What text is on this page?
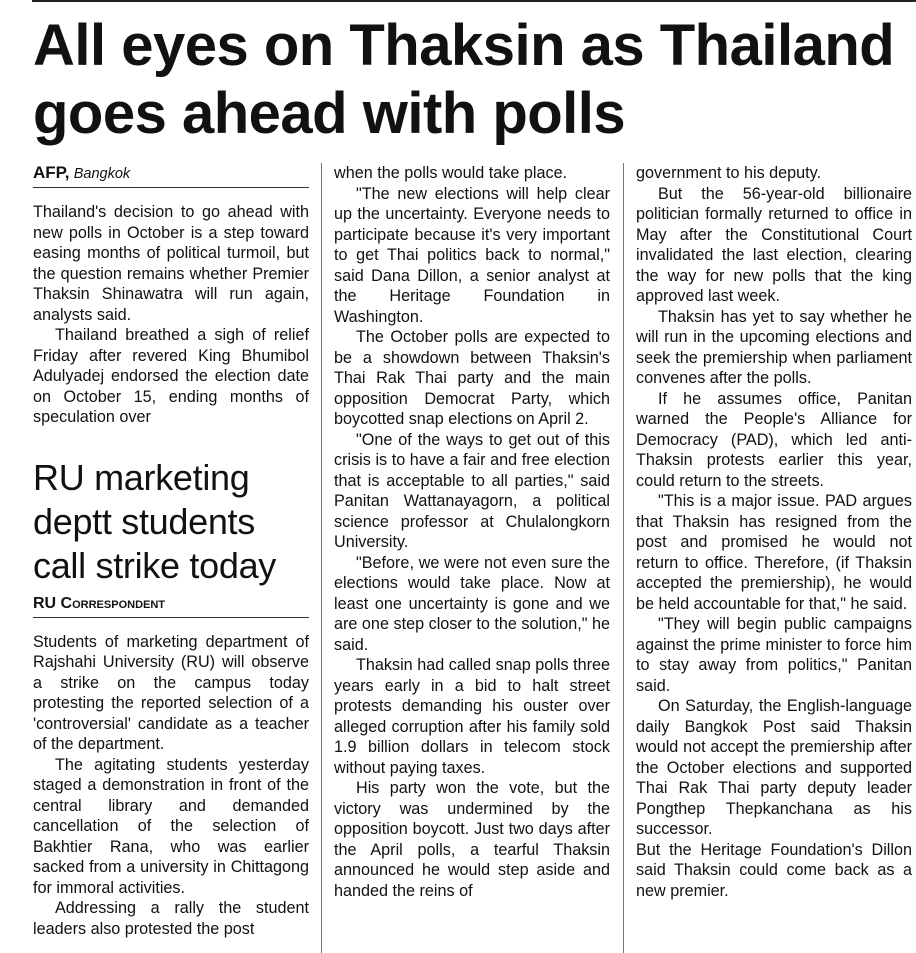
All eyes on Thaksin as Thailand goes ahead with polls
AFP, Bangkok

Thailand's decision to go ahead with new polls in October is a step toward easing months of political turmoil, but the question remains whether Premier Thaksin Shinawatra will run again, analysts said.

Thailand breathed a sigh of relief Friday after revered King Bhumibol Adulyadej endorsed the election date on October 15, ending months of speculation over

RU marketing deptt students call strike today
RU Correspondent

Students of marketing department of Rajshahi University (RU) will observe a strike on the campus today protesting the reported selection of a 'controversial' candidate as a teacher of the department.

The agitating students yesterday staged a demonstration in front of the central library and demanded cancellation of the selection of Bakhtier Rana, who was earlier sacked from a university in Chittagong for immoral activities.

Addressing a rally the student leaders also protested the post

when the polls would take place.

"The new elections will help clear up the uncertainty. Everyone needs to participate because it's very important to get Thai politics back to normal," said Dana Dillon, a senior analyst at the Heritage Foundation in Washington.

The October polls are expected to be a showdown between Thaksin's Thai Rak Thai party and the main opposition Democrat Party, which boycotted snap elections on April 2.

"One of the ways to get out of this crisis is to have a fair and free election that is acceptable to all parties," said Panitan Wattanayagorn, a political science professor at Chulalongkorn University.

"Before, we were not even sure the elections would take place. Now at least one uncertainty is gone and we are one step closer to the solution," he said.

Thaksin had called snap polls three years early in a bid to halt street protests demanding his ouster over alleged corruption after his family sold 1.9 billion dollars in telecom stock without paying taxes.

His party won the vote, but the victory was undermined by the opposition boycott. Just two days after the April polls, a tearful Thaksin announced he would step aside and handed the reins of

government to his deputy.

But the 56-year-old billionaire politician formally returned to office in May after the Constitutional Court invalidated the last election, clearing the way for new polls that the king approved last week.

Thaksin has yet to say whether he will run in the upcoming elections and seek the premiership when parliament convenes after the polls.

If he assumes office, Panitan warned the People's Alliance for Democracy (PAD), which led anti-Thaksin protests earlier this year, could return to the streets.

"This is a major issue. PAD argues that Thaksin has resigned from the post and promised he would not return to office. Therefore, (if Thaksin accepted the premiership), he would be held accountable for that," he said.

"They will begin public campaigns against the prime minister to force him to stay away from politics," Panitan said.

On Saturday, the English-language daily Bangkok Post said Thaksin would not accept the premiership after the October elections and supported Thai Rak Thai party deputy leader Pongthep Thepkanchana as his successor.

But the Heritage Foundation's Dillon said Thaksin could come back as a new premier.
